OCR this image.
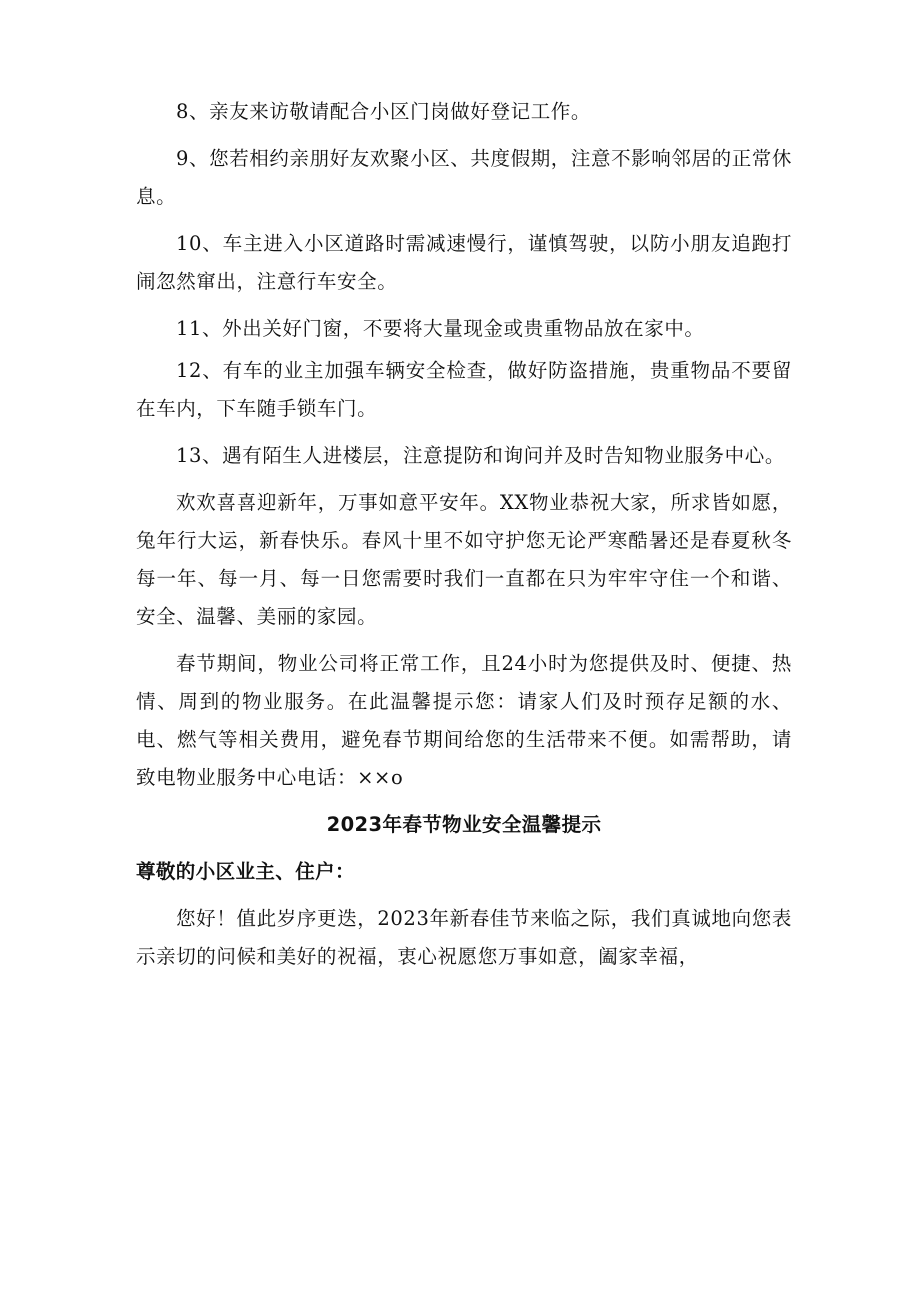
8、亲友来访敬请配合小区门岗做好登记工作。

9、您若相约亲朋好友欢聚小区、共度假期，注意不影响邻居的正常休息。

10、车主进入小区道路时需减速慢行，谨慎驾驶，以防小朋友追跑打闹忽然窜出，注意行车安全。

11、外出关好门窗，不要将大量现金或贵重物品放在家中。

12、有车的业主加强车辆安全检查，做好防盗措施，贵重物品不要留在车内，下车随手锁车门。

13、遇有陌生人进楼层，注意提防和询问并及时告知物业服务中心。

欢欢喜喜迎新年，万事如意平安年。XX物业恭祝大家，所求皆如愿，兔年行大运，新春快乐。春风十里不如守护您无论严寒酷暑还是春夏秋冬每一年、每一月、每一日您需要时我们一直都在只为牢牢守住一个和谐、安全、温馨、美丽的家园。

春节期间，物业公司将正常工作，且24小时为您提供及时、便捷、热情、周到的物业服务。在此温馨提示您：请家人们及时预存足额的水、电、燃气等相关费用，避免春节期间给您的生活带来不便。如需帮助，请致电物业服务中心电话：××o

2023年春节物业安全温馨提示
尊敬的小区业主、住户：

您好！值此岁序更迭，2023年新春佳节来临之际，我们真诚地向您表示亲切的问候和美好的祝福，衷心祝愿您万事如意，阖家幸福，
